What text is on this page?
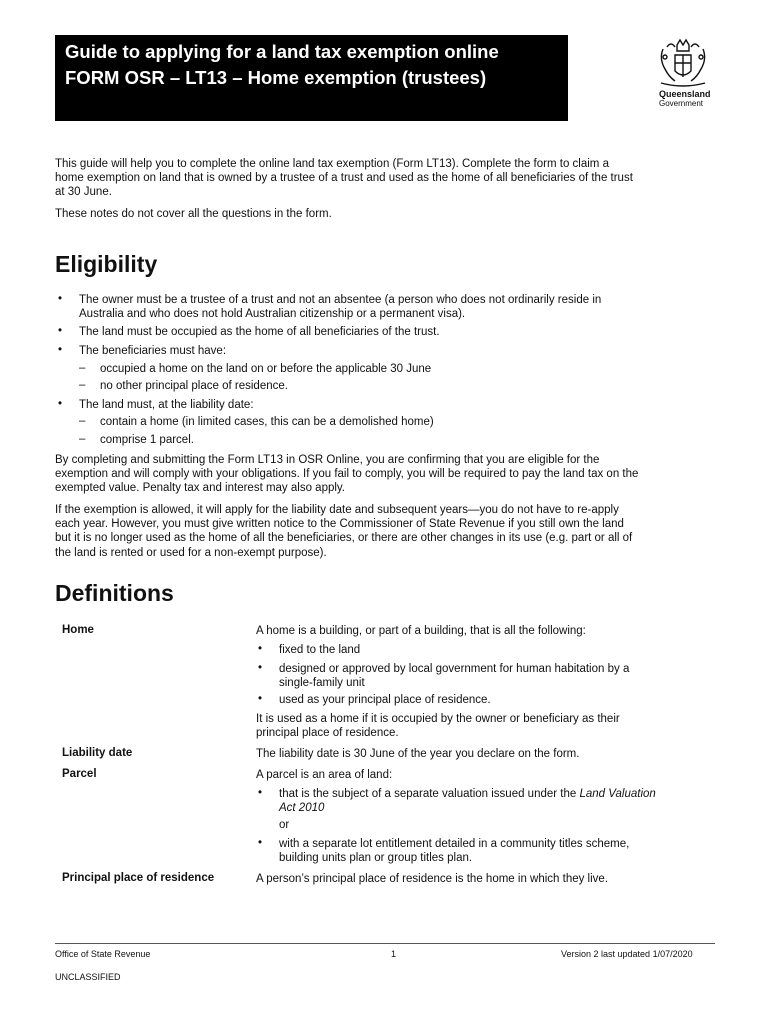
Guide to applying for a land tax exemption online
FORM OSR – LT13 – Home exemption (trustees)
Queensland
Government
This guide will help you to complete the online land tax exemption (Form LT13). Complete the form to claim a
home exemption on land that is owned by a trustee of a trust and used as the home of all beneficiaries of the trust
at 30 June.
These notes do not cover all the questions in the form.
Eligibility
• The owner must be a trustee of a trust and not an absentee (a person who does not ordinarily reside in
Australia and who does not hold Australian citizenship or a permanent visa).
• The land must be occupied as the home of all beneficiaries of the trust.
• The beneficiaries must have:
– occupied a home on the land on or before the applicable 30 June
– no other principal place of residence.
• The land must, at the liability date:
– contain a home (in limited cases, this can be a demolished home)
– comprise 1 parcel.
By completing and submitting the Form LT13 in OSR Online, you are confirming that you are eligible for the
exemption and will comply with your obligations. If you fail to comply, you will be required to pay the land tax on the
exempted value. Penalty tax and interest may also apply.
If the exemption is allowed, it will apply for the liability date and subsequent years—you do not have to re-apply
each year. However, you must give written notice to the Commissioner of State Revenue if you still own the land
but it is no longer used as the home of all the beneficiaries, or there are other changes in its use (e.g. part or all of
the land is rented or used for a non-exempt purpose).
Definitions
Home	A home is a building, or part of a building, that is all the following:
• fixed to the land
• designed or approved by local government for human habitation by a
single-family unit
• used as your principal place of residence.
It is used as a home if it is occupied by the owner or beneficiary as their
principal place of residence.
Liability date	The liability date is 30 June of the year you declare on the form.
Parcel	A parcel is an area of land:
• that is the subject of a separate valuation issued under the Land Valuation
Act 2010
or
• with a separate lot entitlement detailed in a community titles scheme,
building units plan or group titles plan.
Principal place of residence	A person’s principal place of residence is the home in which they live.
Office of State Revenue	1	Version 2 last updated 1/07/2020
UNCLASSIFIED
